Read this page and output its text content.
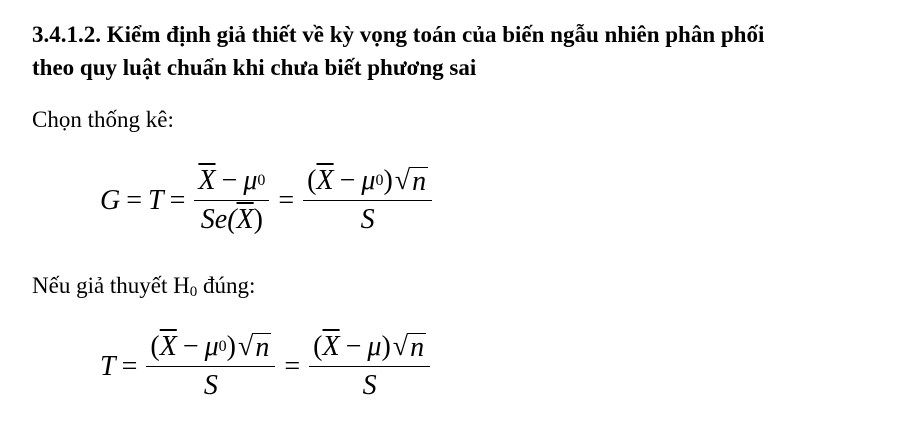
3.4.1.2. Kiểm định giả thiết về kỳ vọng toán của biến ngẫu nhiên phân phối
theo quy luật chuẩn khi chưa biết phương sai
Chọn thống kê:
$G = T = \frac{\overline{X} - \mu 0}{Se( \overline{X} )} = \frac{( \overline{X} - \mu 0 ) √ n}{S}$
Nếu giả thuyết $H_0$ đúng:
$T = \frac{( \overline{X} - \mu 0 ) √ n}{S} = \frac{( \overline{X} - \mu ) √ n}{S}$
